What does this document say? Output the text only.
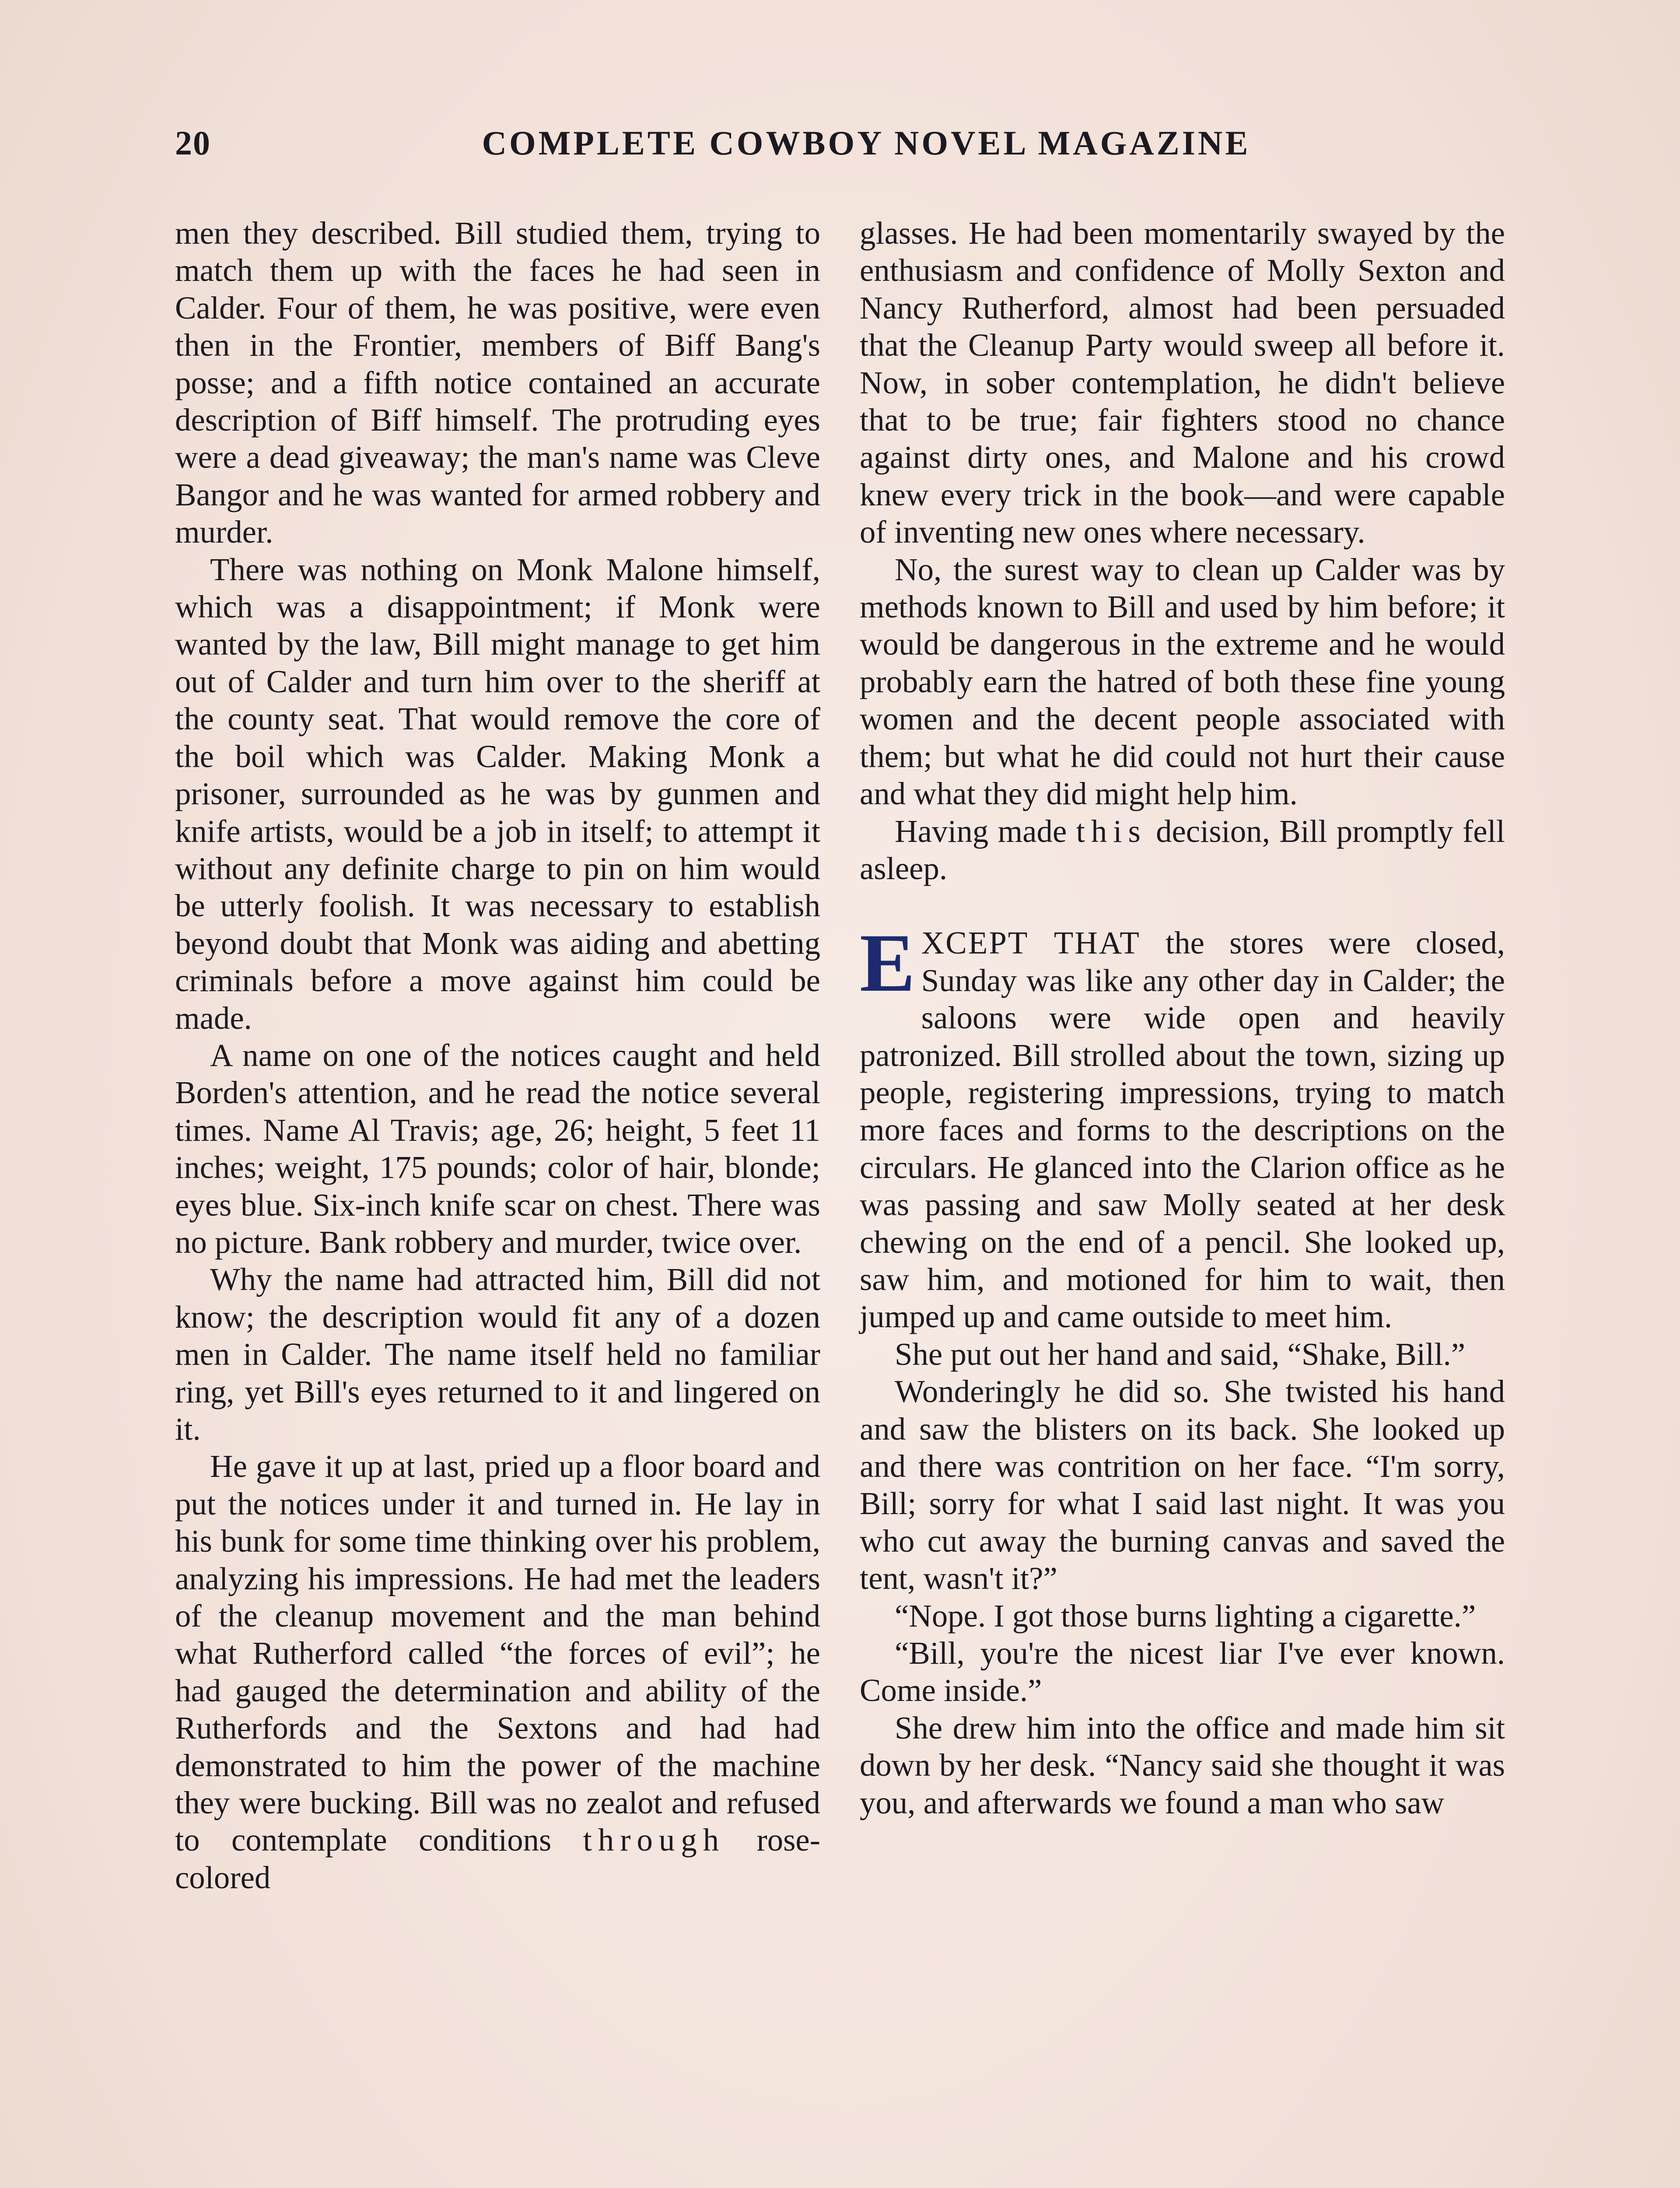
20	COMPLETE COWBOY NOVEL MAGAZINE

men they described. Bill studied them, trying to match them up with the faces he had seen in Calder. Four of them, he was positive, were even then in the Frontier, members of Biff Bang's posse; and a fifth notice contained an accurate description of Biff himself. The protruding eyes were a dead giveaway; the man's name was Cleve Bangor and he was wanted for armed robbery and murder.

There was nothing on Monk Malone himself, which was a disappointment; if Monk were wanted by the law, Bill might manage to get him out of Calder and turn him over to the sheriff at the county seat. That would remove the core of the boil which was Calder. Making Monk a prisoner, surrounded as he was by gunmen and knife artists, would be a job in itself; to attempt it without any definite charge to pin on him would be utterly foolish. It was necessary to establish beyond doubt that Monk was aiding and abetting criminals before a move against him could be made.

A name on one of the notices caught and held Borden's attention, and he read the notice several times. Name Al Travis; age, 26; height, 5 feet 11 inches; weight, 175 pounds; color of hair, blonde; eyes blue. Six-inch knife scar on chest. There was no picture. Bank robbery and murder, twice over.

Why the name had attracted him, Bill did not know; the description would fit any of a dozen men in Calder. The name itself held no familiar ring, yet Bill's eyes returned to it and lingered on it.

He gave it up at last, pried up a floor board and put the notices under it and turned in. He lay in his bunk for some time thinking over his problem, analyzing his impressions. He had met the leaders of the cleanup movement and the man behind what Rutherford called “the forces of evil”; he had gauged the determination and ability of the Rutherfords and the Sextons and had had demonstrated to him the power of the machine they were bucking. Bill was no zealot and refused to contemplate conditions through rose-colored

glasses. He had been momentarily swayed by the enthusiasm and confidence of Molly Sexton and Nancy Rutherford, almost had been persuaded that the Cleanup Party would sweep all before it. Now, in sober contemplation, he didn't believe that to be true; fair fighters stood no chance against dirty ones, and Malone and his crowd knew every trick in the book—and were capable of inventing new ones where necessary.

No, the surest way to clean up Calder was by methods known to Bill and used by him before; it would be dangerous in the extreme and he would probably earn the hatred of both these fine young women and the decent people associated with them; but what he did could not hurt their cause and what they did might help him.

Having made this decision, Bill promptly fell asleep.

EXCEPT THAT the stores were closed, Sunday was like any other day in Calder; the saloons were wide open and heavily patronized. Bill strolled about the town, sizing up people, registering impressions, trying to match more faces and forms to the descriptions on the circulars. He glanced into the Clarion office as he was passing and saw Molly seated at her desk chewing on the end of a pencil. She looked up, saw him, and motioned for him to wait, then jumped up and came outside to meet him.

She put out her hand and said, “Shake, Bill.”

Wonderingly he did so. She twisted his hand and saw the blisters on its back. She looked up and there was contrition on her face. “I'm sorry, Bill; sorry for what I said last night. It was you who cut away the burning canvas and saved the tent, wasn't it?”

“Nope. I got those burns lighting a cigarette.”

“Bill, you're the nicest liar I've ever known. Come inside.”

She drew him into the office and made him sit down by her desk. “Nancy said she thought it was you, and afterwards we found a man who saw
